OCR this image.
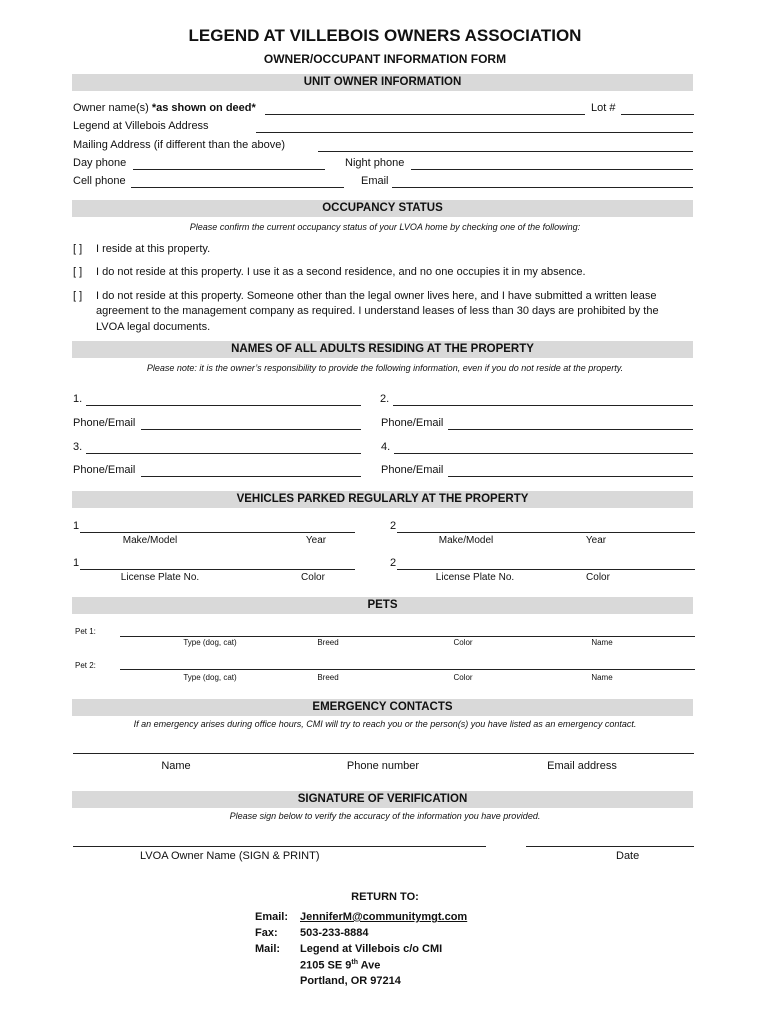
LEGEND AT VILLEBOIS OWNERS ASSOCIATION
OWNER/OCCUPANT INFORMATION FORM
UNIT OWNER INFORMATION
Owner name(s) *as shown on deed*	Lot #
Legend at Villebois Address
Mailing Address (if different than the above)
Day phone	Night phone
Cell phone	Email
OCCUPANCY STATUS
Please confirm the current occupancy status of your LVOA home by checking one of the following:
[ ] I reside at this property.
[ ] I do not reside at this property. I use it as a second residence, and no one occupies it in my absence.
[ ] I do not reside at this property. Someone other than the legal owner lives here, and I have submitted a written lease
agreement to the management company as required. I understand leases of less than 30 days are prohibited by the
LVOA legal documents.
NAMES OF ALL ADULTS RESIDING AT THE PROPERTY
Please note: it is the owner’s responsibility to provide the following information, even if you do not reside at the property.
1.	2.
Phone/Email	Phone/Email
3.	4.
Phone/Email	Phone/Email
VEHICLES PARKED REGULARLY AT THE PROPERTY
1	2
Make/Model	Year	Make/Model	Year
1	2
License Plate No.	Color	License Plate No.	Color
PETS
Pet 1:
Type (dog, cat)	Breed	Color	Name
Pet 2:
Type (dog, cat)	Breed	Color	Name
EMERGENCY CONTACTS
If an emergency arises during office hours, CMI will try to reach you or the person(s) you have listed as an emergency contact.
Name	Phone number	Email address
SIGNATURE OF VERIFICATION
Please sign below to verify the accuracy of the information you have provided.
LVOA Owner Name (SIGN & PRINT)	Date
RETURN TO:
Email: JenniferM@communitymgt.com
Fax: 503-233-8884
Mail: Legend at Villebois c/o CMI
2105 SE 9th Ave
Portland, OR 97214
